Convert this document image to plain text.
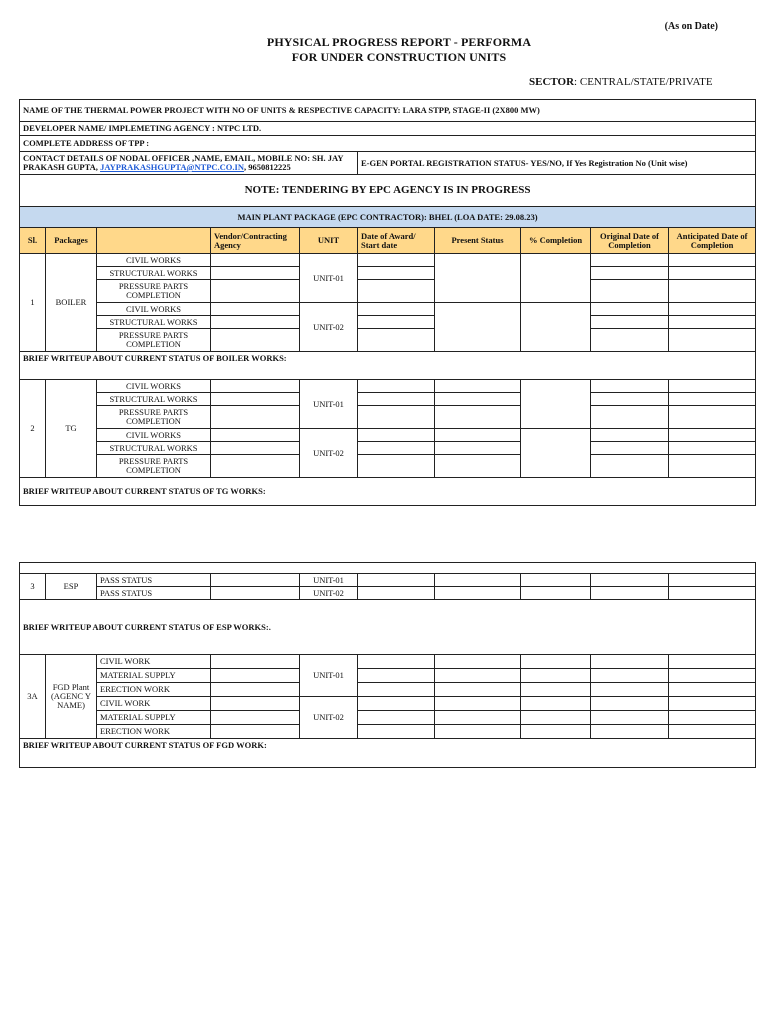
(As on Date)
PHYSICAL PROGRESS REPORT - PERFORMA
FOR UNDER CONSTRUCTION UNITS
SECTOR: CENTRAL/STATE/PRIVATE
NAME OF THE THERMAL POWER PROJECT WITH NO OF UNITS & RESPECTIVE CAPACITY: LARA STPP, STAGE-II (2X800 MW)									
DEVELOPER NAME/ IMPLEMETING AGENCY : NTPC LTD.									
COMPLETE ADDRESS OF TPP :									
CONTACT DETAILS OF NODAL OFFICER ,NAME, EMAIL, MOBILE NO: SH. JAY PRAKASH GUPTA, JAYPRAKASHGUPTA@NTPC.CO.IN, 9650812225					E-GEN PORTAL REGISTRATION STATUS- YES/NO, If Yes Registration No (Unit wise)				
NOTE: TENDERING BY EPC AGENCY IS IN PROGRESS									
MAIN PLANT PACKAGE (EPC CONTRACTOR): BHEL (LOA DATE: 29.08.23)									
Sl.	Packages		Vendor/Contracting Agency	UNIT	Date of Award/ Start date	Present Status	% Completion	Original Date of Completion	Anticipated Date of Completion
1	BOILER	CIVIL WORKS		UNIT-01					
		STRUCTURAL WORKS							
		PRESSURE PARTS COMPLETION							
		CIVIL WORKS		UNIT-02					
		STRUCTURAL WORKS							
		PRESSURE PARTS COMPLETION							
BRIEF WRITEUP ABOUT CURRENT STATUS OF BOILER WORKS:									
2	TG	CIVIL WORKS		UNIT-01					
		STRUCTURAL WORKS							
		PRESSURE PARTS COMPLETION							
		CIVIL WORKS		UNIT-02					
		STRUCTURAL WORKS							
		PRESSURE PARTS COMPLETION							
BRIEF WRITEUP ABOUT CURRENT STATUS OF TG WORKS:									

3	ESP	PASS STATUS		UNIT-01					
		PASS STATUS		UNIT-02					
BRIEF WRITEUP ABOUT CURRENT STATUS OF ESP WORKS:.									
3A	FGD Plant (AGENC Y NAME)	CIVIL WORK		UNIT-01					
		MATERIAL SUPPLY							
		ERECTION WORK							
		CIVIL WORK		UNIT-02					
		MATERIAL SUPPLY							
		ERECTION WORK							
BRIEF WRITEUP ABOUT CURRENT STATUS OF FGD WORK:									
